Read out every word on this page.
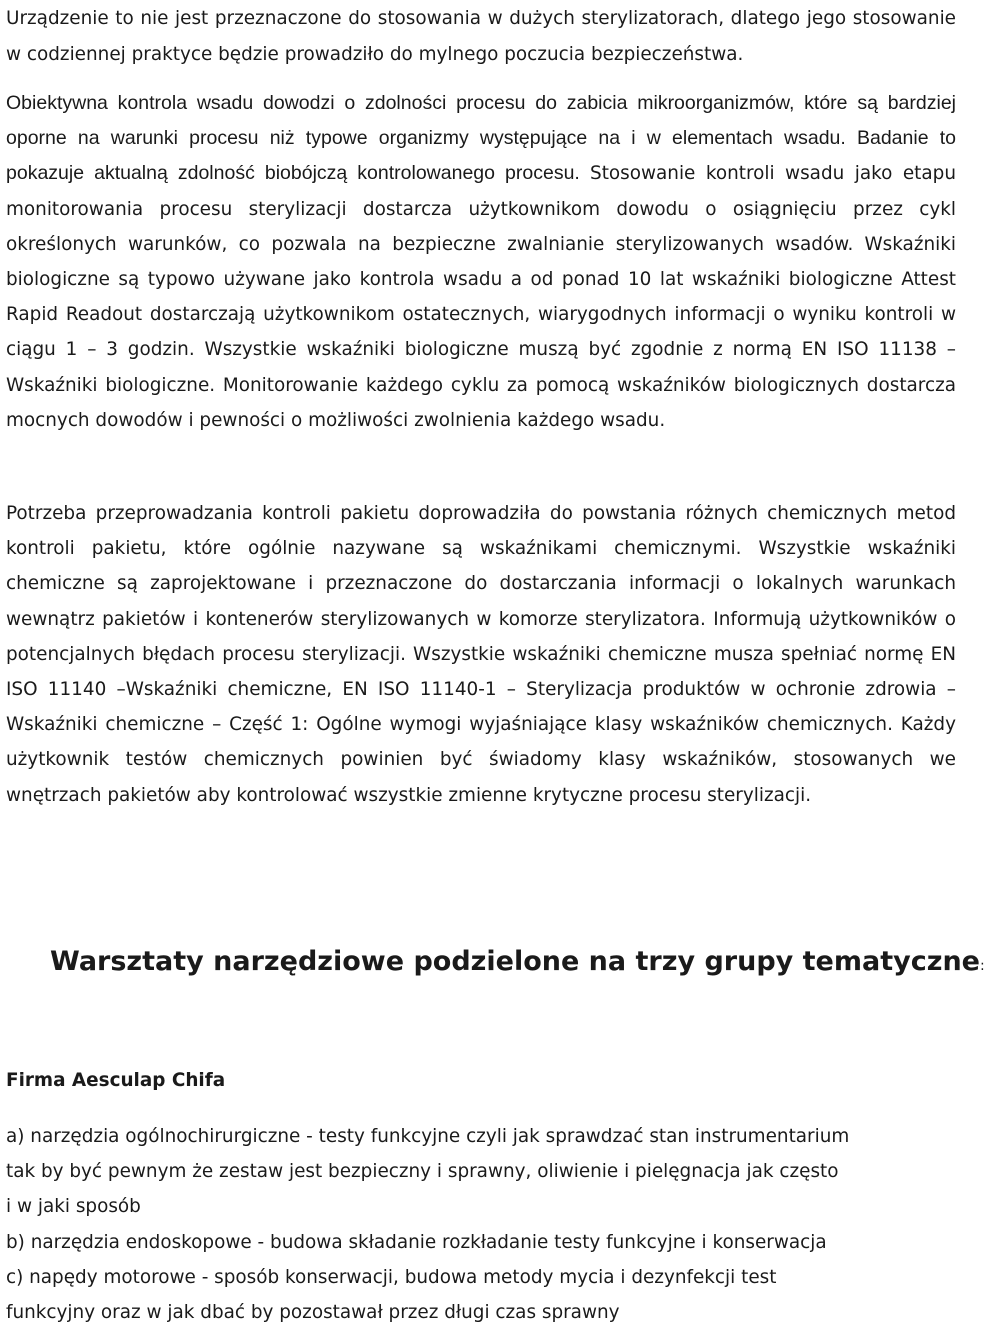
Urządzenie to nie jest przeznaczone do stosowania w dużych sterylizatorach, dlatego jego stosowanie w codziennej praktyce będzie prowadziło do mylnego poczucia bezpieczeństwa.

Obiektywna kontrola wsadu dowodzi o zdolności procesu do zabicia mikroorganizmów, które są bardziej oporne na warunki procesu niż typowe organizmy występujące na i w elementach wsadu. Badanie to pokazuje aktualną zdolność biobójczą kontrolowanego procesu. Stosowanie kontroli wsadu jako etapu monitorowania procesu sterylizacji dostarcza użytkownikom dowodu o osiągnięciu przez cykl określonych warunków, co pozwala na bezpieczne zwalnianie sterylizowanych wsadów. Wskaźniki biologiczne są typowo używane jako kontrola wsadu a od ponad 10 lat wskaźniki biologiczne Attest Rapid Readout dostarczają użytkownikom ostatecznych, wiarygodnych informacji o wyniku kontroli w ciągu 1 – 3 godzin. Wszystkie wskaźniki biologiczne muszą być zgodnie z normą EN ISO 11138 – Wskaźniki biologiczne. Monitorowanie każdego cyklu za pomocą wskaźników biologicznych dostarcza mocnych dowodów i pewności o możliwości zwolnienia każdego wsadu.

Potrzeba przeprowadzania kontroli pakietu doprowadziła do powstania różnych chemicznych metod kontroli pakietu, które ogólnie nazywane są wskaźnikami chemicznymi. Wszystkie wskaźniki chemiczne są zaprojektowane i przeznaczone do dostarczania informacji o lokalnych warunkach wewnątrz pakietów i kontenerów sterylizowanych w komorze sterylizatora. Informują użytkowników o potencjalnych błędach procesu sterylizacji. Wszystkie wskaźniki chemiczne musza spełniać normę EN ISO 11140 –Wskaźniki chemiczne, EN ISO 11140-1 – Sterylizacja produktów w ochronie zdrowia – Wskaźniki chemiczne – Część 1: Ogólne wymogi wyjaśniające klasy wskaźników chemicznych. Każdy użytkownik testów chemicznych powinien być świadomy klasy wskaźników, stosowanych we wnętrzach pakietów aby kontrolować wszystkie zmienne krytyczne procesu sterylizacji.

Warsztaty narzędziowe podzielone na trzy grupy tematyczne:

Firma Aesculap Chifa

a) narzędzia ogólnochirurgiczne - testy funkcyjne czyli jak sprawdzać stan instrumentarium
tak by być pewnym że zestaw jest bezpieczny i sprawny, oliwienie i pielęgnacja jak często
i w jaki sposób
b) narzędzia endoskopowe - budowa składanie rozkładanie testy funkcyjne i konserwacja
c) napędy motorowe - sposób konserwacji, budowa metody mycia i dezynfekcji test
funkcyjny oraz w jak dbać by pozostawał przez długi czas sprawny
